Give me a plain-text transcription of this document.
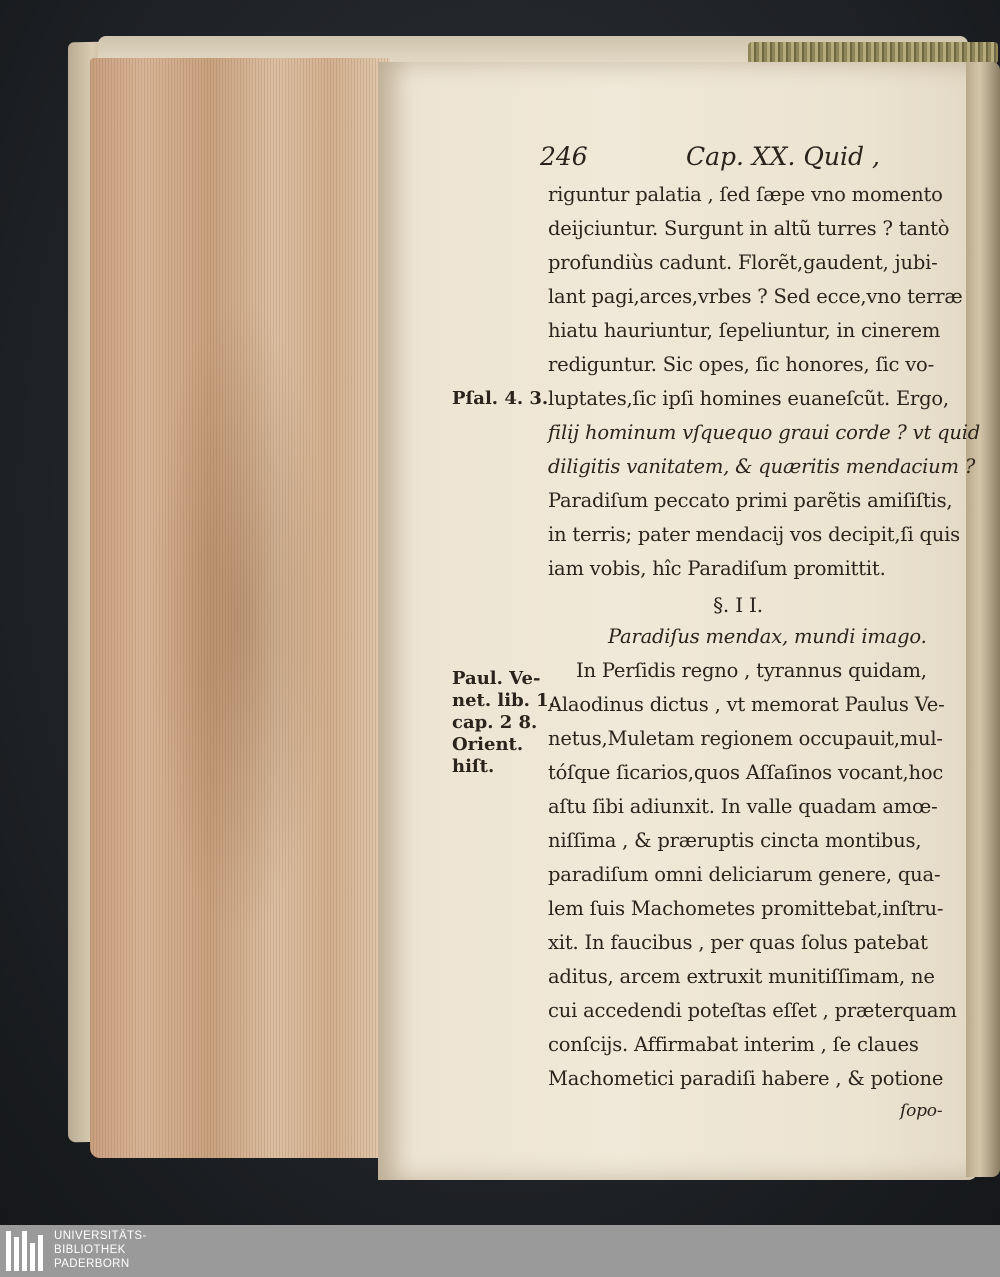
246	Cap. XX. Quid ,
riguntur palatia , ſed ſæpe vno momento
deijciuntur. Surgunt in altũ turres ? tantò
profundiùs cadunt. Florẽt,gaudent, jubi-
lant pagi,arces,vrbes ? Sed ecce,vno terræ
hiatu hauriuntur, ſepeliuntur, in cinerem
rediguntur. Sic opes, ſic honores, ſic vo-
luptates,ſic ipſi homines euaneſcũt. Ergo,
filij hominum vſquequo graui corde ? vt quid
diligitis vanitatem, & quæritis mendacium ?
Paradiſum peccato primi parẽtis amiſiſtis,
in terris; pater mendacij vos decipit,ſi quis
iam vobis, hîc Paradiſum promittit.
§. I I.
Paradiſus mendax, mundi imago.
In Perſidis regno , tyrannus quidam,
Alaodinus dictus , vt memorat Paulus Ve-
netus,Muletam regionem occupauit,mul-
tóſque ſicarios,quos Aſſaſinos vocant,hoc
aſtu ſibi adiunxit. In valle quadam amœ-
niſſima , & præruptis cincta montibus,
paradiſum omni deliciarum genere, qua-
lem ſuis Machometes promittebat,inſtru-
xit. In faucibus , per quas ſolus patebat
aditus, arcem extruxit munitiſſimam, ne
cui accedendi poteſtas eſſet , præterquam
conſcijs. Affirmabat interim , ſe claues
Machometici paradiſi habere , & potione
ſopo-
Pſal. 4. 3.
Paul. Ve-
net. lib. 1.
cap. 2 8.
Orient.
hiſt.
UNIVERSITÄTS-
BIBLIOTHEK
PADERBORN
